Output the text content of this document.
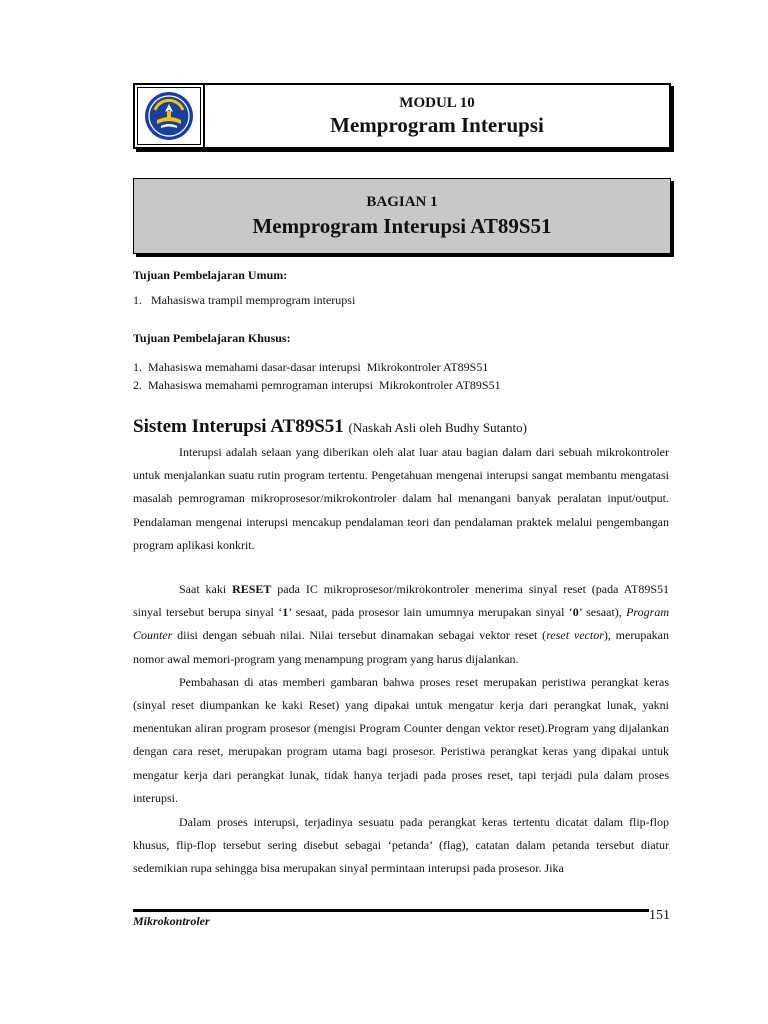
MODUL 10
Memprogram Interupsi
BAGIAN 1
Memprogram Interupsi AT89S51

Tujuan Pembelajaran Umum:

1.   Mahasiswa trampil memprogram interupsi

Tujuan Pembelajaran Khusus:

1.  Mahasiswa memahami dasar-dasar interupsi  Mikrokontroler AT89S51

2.  Mahasiswa memahami pemrograman interupsi  Mikrokontroler AT89S51

Sistem Interupsi AT89S51 (Naskah Asli oleh Budhy Sutanto)

Interupsi adalah selaan yang diberikan oleh alat luar atau bagian dalam dari sebuah mikrokontroler untuk menjalankan suatu rutin program tertentu. Pengetahuan mengenai interupsi sangat membantu mengatasi masalah pemrograman mikroprosesor/mikrokontroler dalam hal menangani banyak peralatan input/output. Pendalaman mengenai interupsi mencakup pendalaman teori dan pendalaman praktek melalui pengembangan program aplikasi konkrit.

Saat kaki RESET pada IC mikroprosesor/mikrokontroler menerima sinyal reset (pada AT89S51 sinyal tersebut berupa sinyal ‘1’ sesaat, pada prosesor lain umumnya merupakan sinyal ‘0’ sesaat), Program Counter diisi dengan sebuah nilai. Nilai tersebut dinamakan sebagai vektor reset (reset vector), merupakan nomor awal memori-program yang menampung program yang harus dijalankan.

Pembahasan di atas memberi gambaran bahwa proses reset merupakan peristiwa perangkat keras (sinyal reset diumpankan ke kaki Reset) yang dipakai untuk mengatur kerja dari perangkat lunak, yakni menentukan aliran program prosesor (mengisi Program Counter dengan vektor reset).Program yang dijalankan dengan cara reset, merupakan program utama bagi prosesor. Peristiwa perangkat keras yang dipakai untuk mengatur kerja dari perangkat lunak, tidak hanya terjadi pada proses reset, tapi terjadi pula dalam proses interupsi.

Dalam proses interupsi, terjadinya sesuatu pada perangkat keras tertentu dicatat dalam flip-flop khusus, flip-flop tersebut sering disebut sebagai ‘petanda’ (flag), catatan dalam petanda tersebut diatur sedemikian rupa sehingga bisa merupakan sinyal permintaan interupsi pada prosesor. Jika

Mikrokontroler	151
